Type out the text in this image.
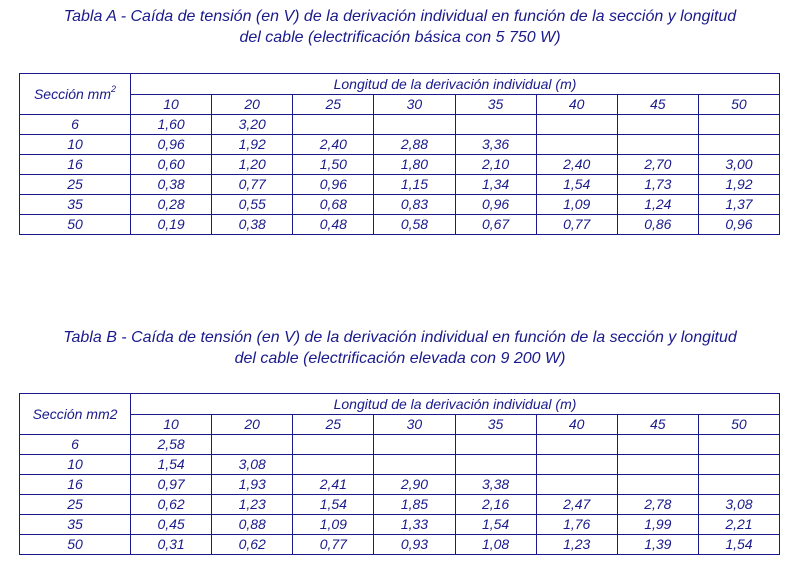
Tabla A - Caída de tensión (en V) de la derivación individual en función de la sección y longitud
del cable (electrificación básica con 5 750 W)
Sección $mm^2$	Longitud de la derivación individual (m)							
	10	20	25	30	35	40	45	50
6	1,60	3,20						
10	0,96	1,92	2,40	2,88	3,36			
16	0,60	1,20	1,50	1,80	2,10	2,40	2,70	3,00
25	0,38	0,77	0,96	1,15	1,34	1,54	1,73	1,92
35	0,28	0,55	0,68	0,83	0,96	1,09	1,24	1,37
50	0,19	0,38	0,48	0,58	0,67	0,77	0,86	0,96
Tabla B - Caída de tensión (en V) de la derivación individual en función de la sección y longitud
del cable (electrificación elevada con 9 200 W)
Sección mm2	Longitud de la derivación individual (m)							
	10	20	25	30	35	40	45	50
6	2,58							
10	1,54	3,08						
16	0,97	1,93	2,41	2,90	3,38			
25	0,62	1,23	1,54	1,85	2,16	2,47	2,78	3,08
35	0,45	0,88	1,09	1,33	1,54	1,76	1,99	2,21
50	0,31	0,62	0,77	0,93	1,08	1,23	1,39	1,54
